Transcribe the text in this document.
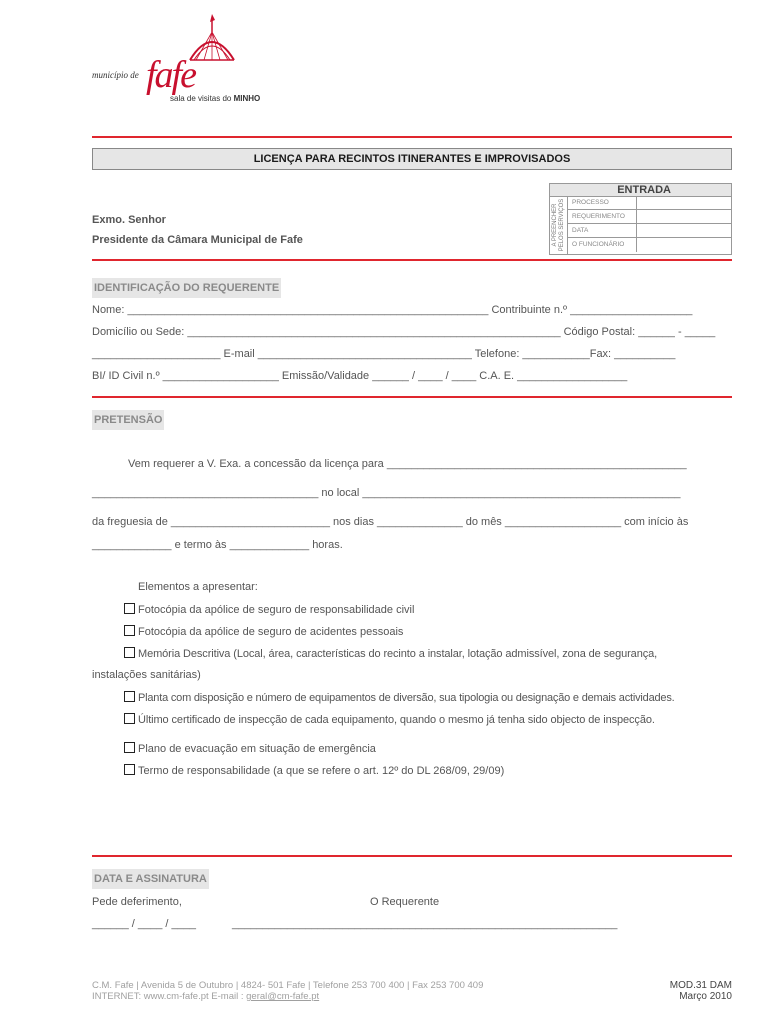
município de fafe
sala de visitas do MINHO
LICENÇA PARA RECINTOS ITINERANTES E IMPROVISADOS
ENTRADA
A PREENCHER
PELOS SERVIÇOS PROCESSO
REQUERIMENTO
DATA
O FUNCIONÁRIO
Exmo. Senhor
Presidente da Câmara Municipal de Fafe
IDENTIFICAÇÃO DO REQUERENTE
Nome: ___________________________________________________________ Contribuinte n.º ____________________
Domicílio ou Sede: _____________________________________________________________ Código Postal: ______ - _____
_____________________ E-mail ___________________________________ Telefone: ___________Fax: __________
BI/ ID Civil n.º ___________________ Emissão/Validade ______ / ____ / ____ C.A. E. __________________
PRETENSÃO
Vem requerer a V. Exa. a concessão da licença para _________________________________________________
_____________________________________ no local ____________________________________________________
da freguesia de __________________________ nos dias ______________ do mês ___________________ com início às
_____________ e termo às _____________ horas.
Elementos a apresentar:
Fotocópia da apólice de seguro de responsabilidade civil
Fotocópia da apólice de seguro de acidentes pessoais
Memória Descritiva (Local, área, características do recinto a instalar, lotação admissível, zona de segurança,
instalações sanitárias)
Planta com disposição e número de equipamentos de diversão, sua tipologia ou designação e demais actividades.
Último certificado de inspecção de cada equipamento, quando o mesmo já tenha sido objecto de inspecção.
Plano de evacuação em situação de emergência
Termo de responsabilidade (a que se refere o art. 12º do DL 268/09, 29/09)
DATA E ASSINATURA
Pede deferimento,	O Requerente
______ / ____ / ____	_______________________________________________________________
C.M. Fafe | Avenida 5 de Outubro | 4824- 501 Fafe | Telefone 253 700 400 | Fax 253 700 409
INTERNET: www.cm-fafe.pt E-mail : geral@cm-fafe.pt
MOD.31 DAM
Março 2010
